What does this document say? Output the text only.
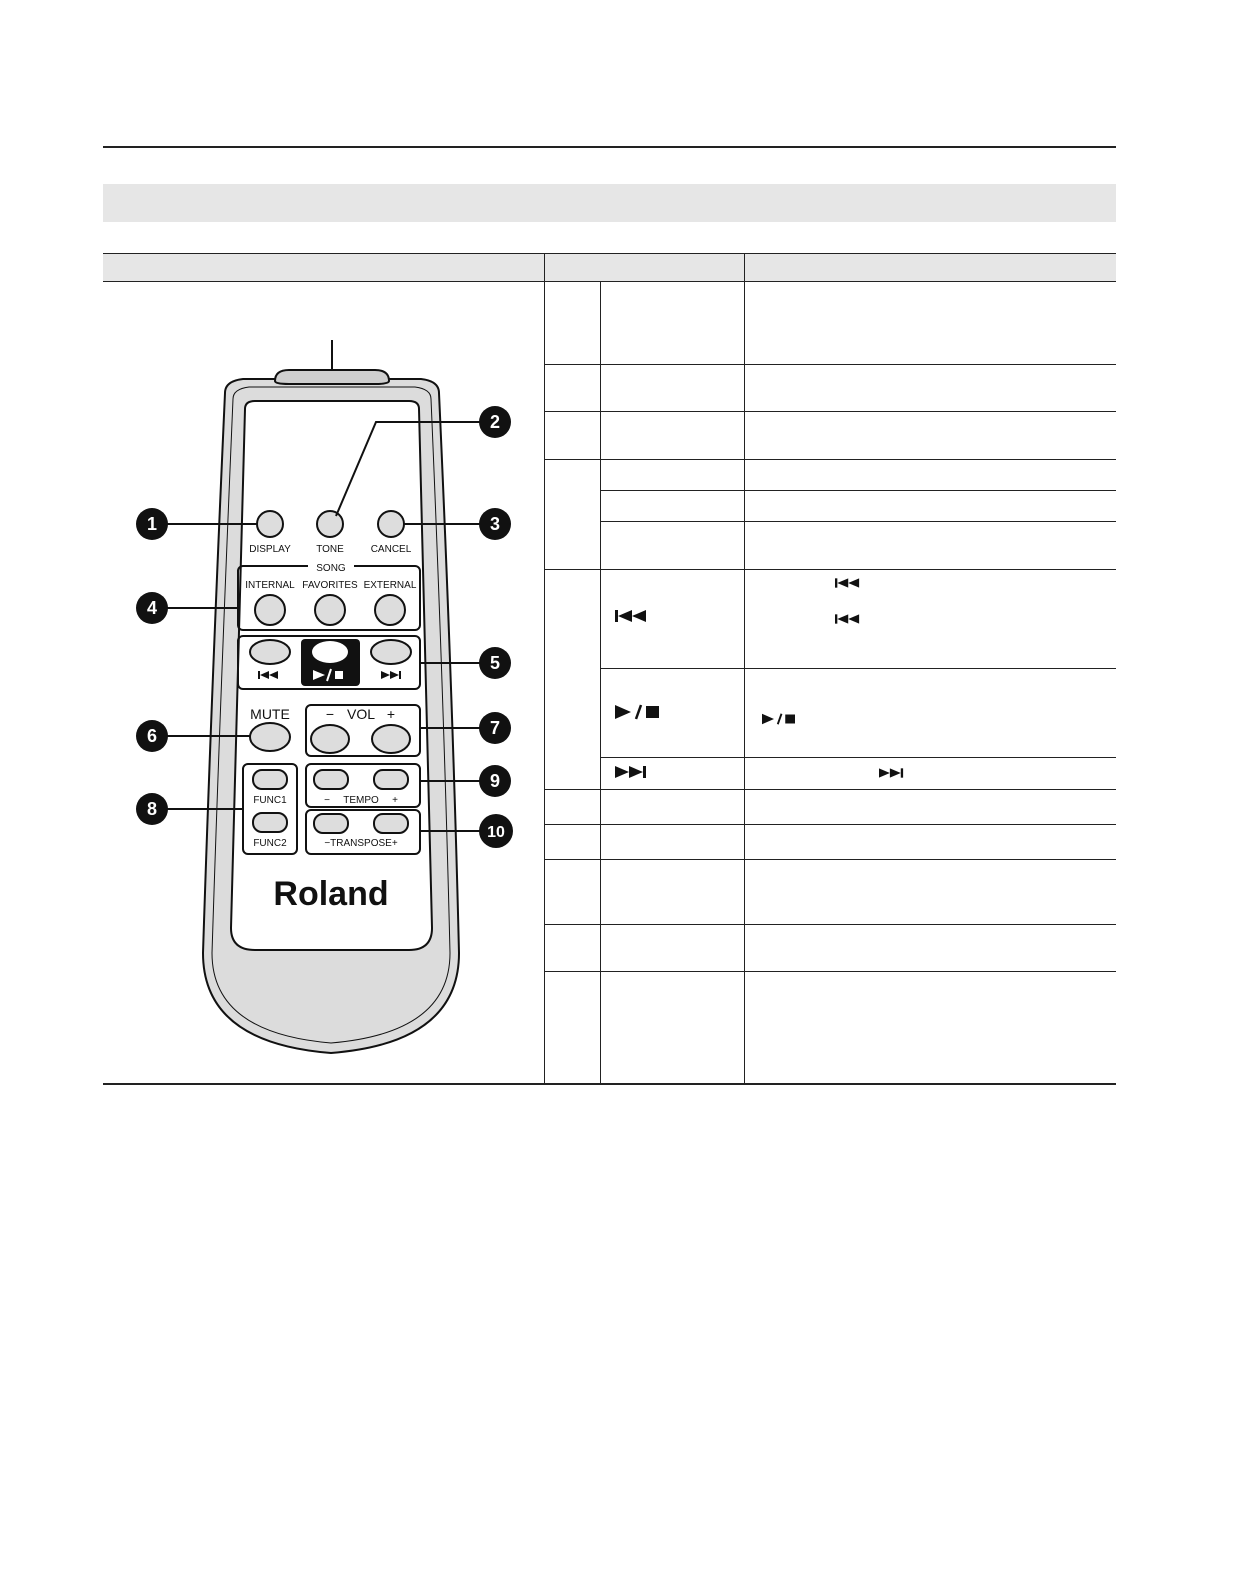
DISPLAY	TONE	CANCEL
SONG
INTERNAL FAVORITES EXTERNAL
MUTE	− VOL +
FUNC1
FUNC2
− TEMPO +
−TRANSPOSE+
Roland
1
2
3
4
5
6	7
8
9
10
